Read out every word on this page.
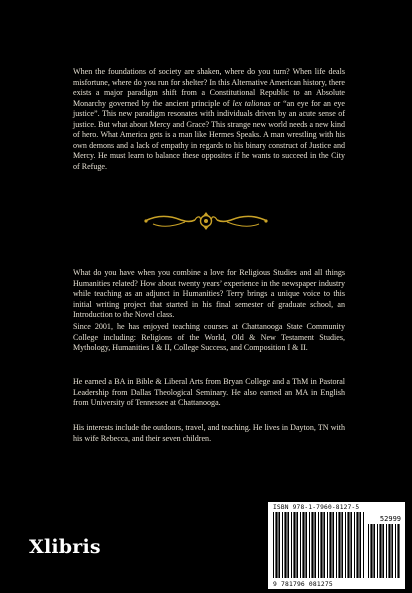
When the foundations of society are shaken, where do you turn? When life deals misfortune, where do you run for shelter? In this Alternative American history, there exists a major paradigm shift from a Constitutional Republic to an Absolute Monarchy governed by the ancient principle of lex talionas or “an eye for an eye justice”. This new paradigm resonates with individuals driven by an acute sense of justice. But what about Mercy and Grace? This strange new world needs a new kind of hero. What America gets is a man like Hermes Speaks. A man wrestling with his own demons and a lack of empathy in regards to his binary construct of Justice and Mercy. He must learn to balance these opposites if he wants to succeed in the City of Refuge.

What do you have when you combine a love for Religious Studies and all things Humanities related? How about twenty years’ experience in the newspaper industry while teaching as an adjunct in Humanities? Terry brings a unique voice to this initial writing project that started in his final semester of graduate school, an Introduction to the Novel class.

Since 2001, he has enjoyed teaching courses at Chattanooga State Community College including: Religions of the World, Old & New Testament Studies, Mythology, Humanities I & II, College Success, and Composition I & II.

He earned a BA in Bible & Liberal Arts from Bryan College and a ThM in Pastoral Leadership from Dallas Theological Seminary. He also earned an MA in English from University of Tennessee at Chattanooga.

His interests include the outdoors, travel, and teaching. He lives in Dayton, TN with his wife Rebecca, and their seven children.

Xlibris
ISBN 978-1-7960-8127-5
52999
9 781796 081275
